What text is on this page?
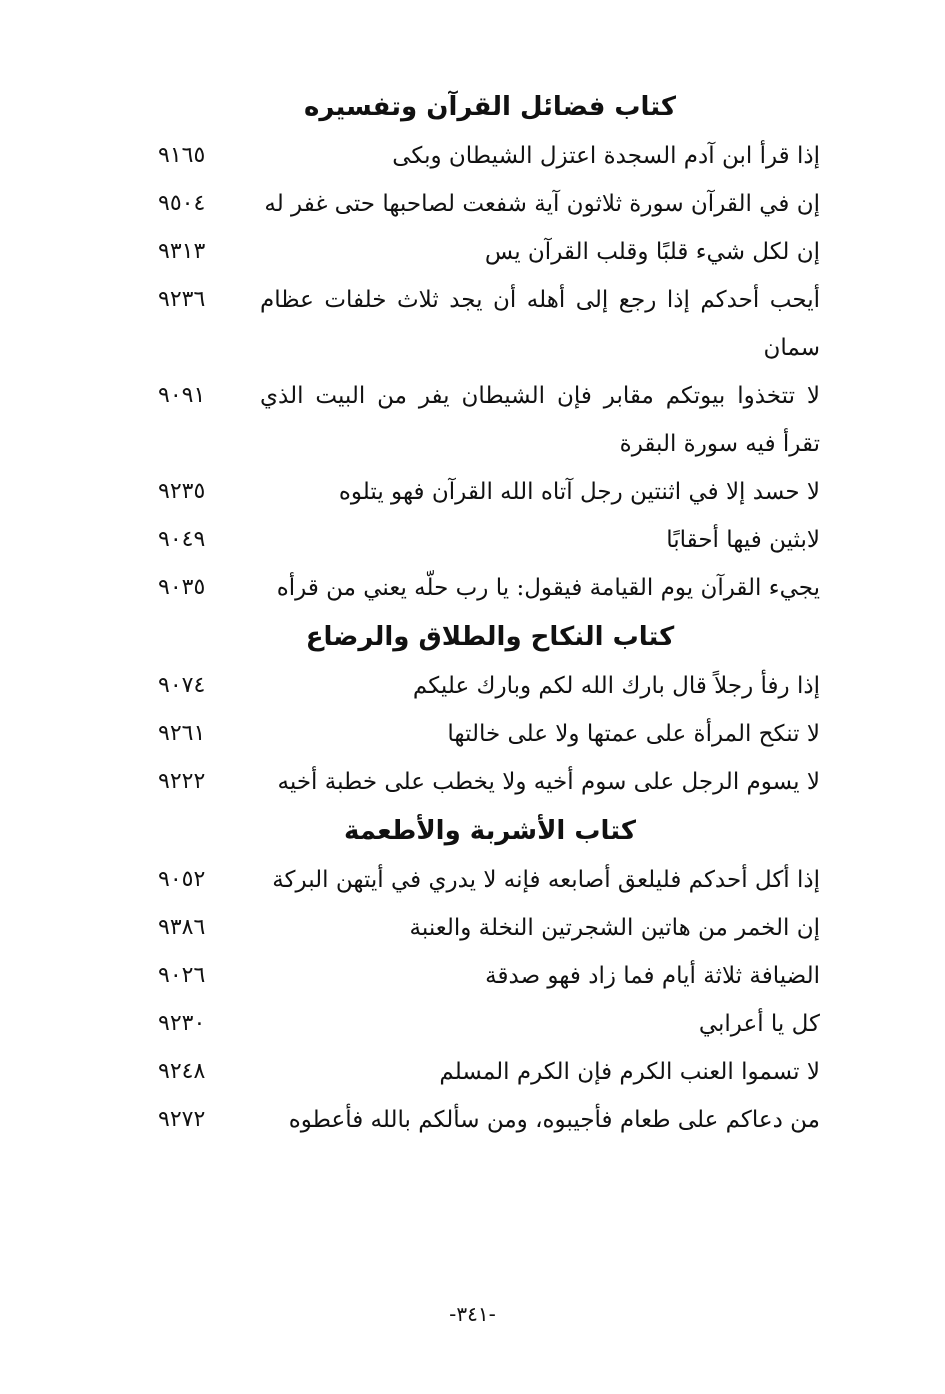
كتاب فضائل القرآن وتفسيره
إذا قرأ ابن آدم السجدة اعتزل الشيطان وبكى
٩١٦٥
إن في القرآن سورة ثلاثون آية شفعت لصاحبها حتى غفر له
٩٥٠٤
إن لكل شيء قلبًا وقلب القرآن يس
٩٣١٣
أيحب أحدكم إذا رجع إلى أهله أن يجد ثلاث خلفات عظام سمان
٩٢٣٦
لا تتخذوا بيوتكم مقابر فإن الشيطان يفر من البيت الذي تقرأ فيه سورة البقرة
٩٠٩١
لا حسد إلا في اثنتين رجل آتاه الله القرآن فهو يتلوه
٩٢٣٥
لابثين فيها أحقابًا
٩٠٤٩
يجيء القرآن يوم القيامة فيقول: يا رب حلّه يعني من قرأه
٩٠٣٥
كتاب النكاح والطلاق والرضاع
إذا رفأ رجلاً قال بارك الله لكم وبارك عليكم
٩٠٧٤
لا تنكح المرأة على عمتها ولا على خالتها
٩٢٦١
لا يسوم الرجل على سوم أخيه ولا يخطب على خطبة أخيه
٩٢٢٢
كتاب الأشربة والأطعمة
إذا أكل أحدكم فليلعق أصابعه فإنه لا يدري في أيتهن البركة
٩٠٥٢
إن الخمر من هاتين الشجرتين النخلة والعنبة
٩٣٨٦
الضيافة ثلاثة أيام فما زاد فهو صدقة
٩٠٢٦
كل يا أعرابي
٩٢٣٠
لا تسموا العنب الكرم فإن الكرم المسلم
٩٢٤٨
من دعاكم على طعام فأجيبوه، ومن سألكم بالله فأعطوه
٩٢٧٢
-٣٤١-
